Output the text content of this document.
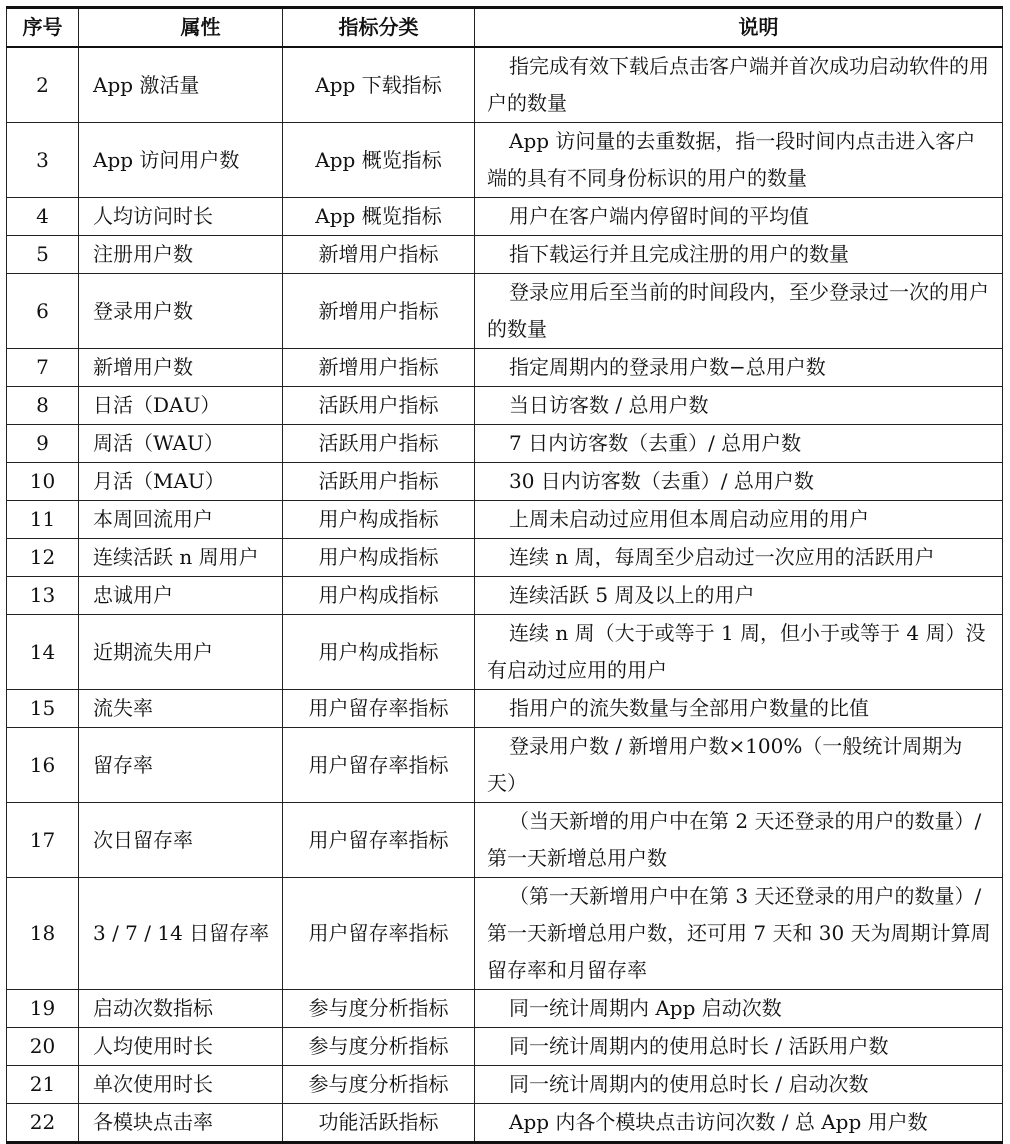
序号	属性	指标分类	说明
2	App 激活量	App 下载指标	指完成有效下载后点击客户端并首次成功启动软件的用户的数量

3	App 访问用户数	App 概览指标	App 访问量的去重数据，指一段时间内点击进入客户端的具有不同身份标识的用户的数量

4	人均访问时长	App 概览指标	用户在客户端内停留时间的平均值

5	注册用户数	新增用户指标	指下载运行并且完成注册的用户的数量

6	登录用户数	新增用户指标	登录应用后至当前的时间段内，至少登录过一次的用户的数量

7	新增用户数	新增用户指标	指定周期内的登录用户数−总用户数

8	日活（DAU）	活跃用户指标	当日访客数 / 总用户数

9	周活（WAU）	活跃用户指标	7 日内访客数（去重）/ 总用户数

10	月活（MAU）	活跃用户指标	30 日内访客数（去重）/ 总用户数

11	本周回流用户	用户构成指标	上周未启动过应用但本周启动应用的用户

12	连续活跃 n 周用户	用户构成指标	连续 n 周，每周至少启动过一次应用的活跃用户

13	忠诚用户	用户构成指标	连续活跃 5 周及以上的用户

14	近期流失用户	用户构成指标	连续 n 周（大于或等于 1 周，但小于或等于 4 周）没有启动过应用的用户

15	流失率	用户留存率指标	指用户的流失数量与全部用户数量的比值

16	留存率	用户留存率指标	登录用户数 / 新增用户数×100%（一般统计周期为天）

17	次日留存率	用户留存率指标	（当天新增的用户中在第 2 天还登录的用户的数量）/ 第一天新增总用户数

18	3 / 7 / 14 日留存率	用户留存率指标	（第一天新增用户中在第 3 天还登录的用户的数量）/ 第一天新增总用户数，还可用 7 天和 30 天为周期计算周留存率和月留存率

19	启动次数指标	参与度分析指标	同一统计周期内 App 启动次数

20	人均使用时长	参与度分析指标	同一统计周期内的使用总时长 / 活跃用户数

21	单次使用时长	参与度分析指标	同一统计周期内的使用总时长 / 启动次数

22	各模块点击率	功能活跃指标	App 内各个模块点击访问次数 / 总 App 用户数
